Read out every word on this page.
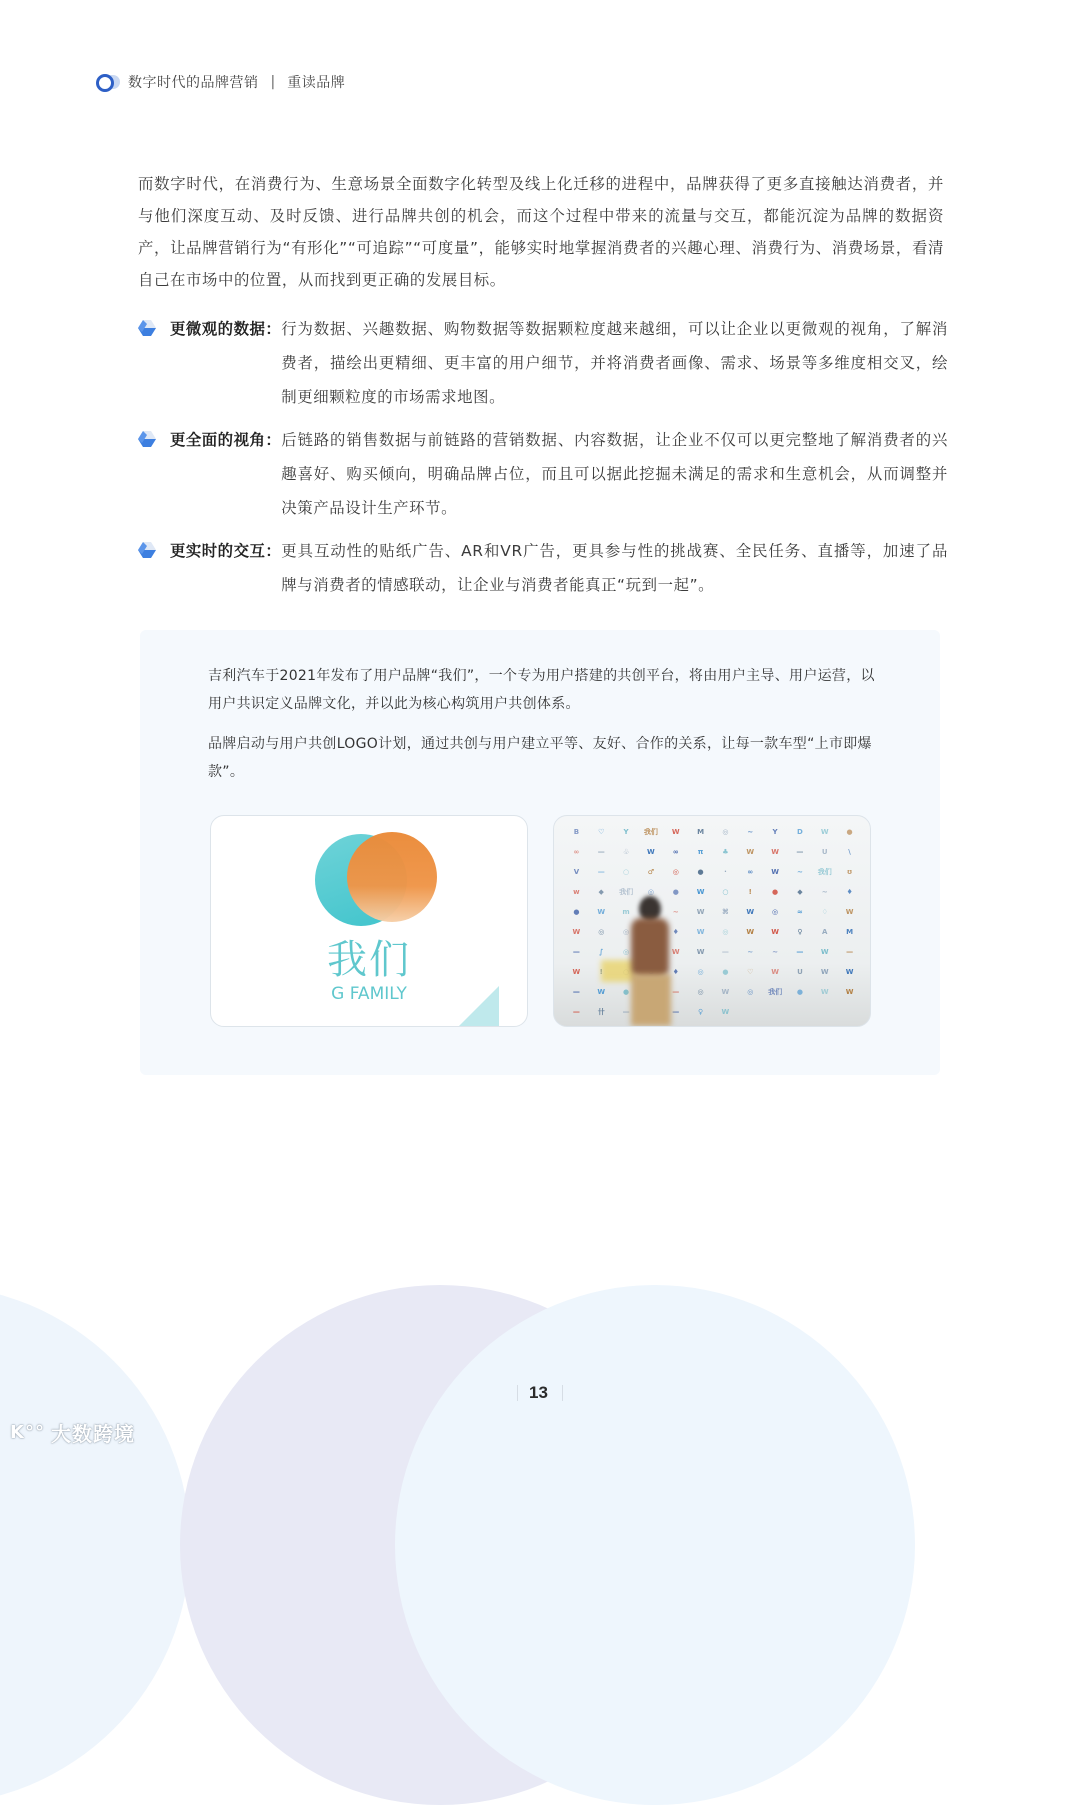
数字时代的品牌营销 | 重读品牌
而数字时代，在消费行为、生意场景全面数字化转型及线上化迁移的进程中，品牌获得了更多直接触达消费者，并与他们深度互动、及时反馈、进行品牌共创的机会，而这个过程中带来的流量与交互，都能沉淀为品牌的数据资产，让品牌营销行为“有形化”“可追踪”“可度量”，能够实时地掌握消费者的兴趣心理、消费行为、消费场景，看清自己在市场中的位置，从而找到更正确的发展目标。
更微观的数据： 行为数据、兴趣数据、购物数据等数据颗粒度越来越细，可以让企业以更微观的视角，了解消费者，描绘出更精细、更丰富的用户细节，并将消费者画像、需求、场景等多维度相交叉，绘制更细颗粒度的市场需求地图。
更全面的视角： 后链路的销售数据与前链路的营销数据、内容数据，让企业不仅可以更完整地了解消费者的兴趣喜好、购买倾向，明确品牌占位，而且可以据此挖掘未满足的需求和生意机会，从而调整并决策产品设计生产环节。
更实时的交互： 更具互动性的贴纸广告、AR和VR广告，更具参与性的挑战赛、全民任务、直播等，加速了品牌与消费者的情感联动，让企业与消费者能真正“玩到一起”。

吉利汽车于2021年发布了用户品牌“我们”，一个专为用户搭建的共创平台，将由用户主导、用户运营，以用户共识定义品牌文化，并以此为核心构筑用户共创体系。

品牌启动与用户共创LOGO计划，通过共创与用户建立平等、友好、合作的关系，让每一款车型“上市即爆款”。

我们
G FAMILY
B	♡	Y 我们 W M	◎	~	Y	D	W	●
∞	—	♧	W	∞	π	♣	W W —	U	\
V	—	○	♂	◎	●	·	∞	W	~ 我们 ʊ
w	◆ 我们 ◎	●	W	○	!	●	◆	~	♦
●	W m	~	W	⌘	W	◎	≈	♢	W
W	◎	◎	♦	W	◎	W W	♀	A	M
—	∫	◎	W W —	~	~	— W —
W	♦	◎	●	♡	W	U	W W
— W	●	—	◎	W	◎ 我们 ●	W W
—	卄	—	—	♀	W
13
K°° 大数跨境
